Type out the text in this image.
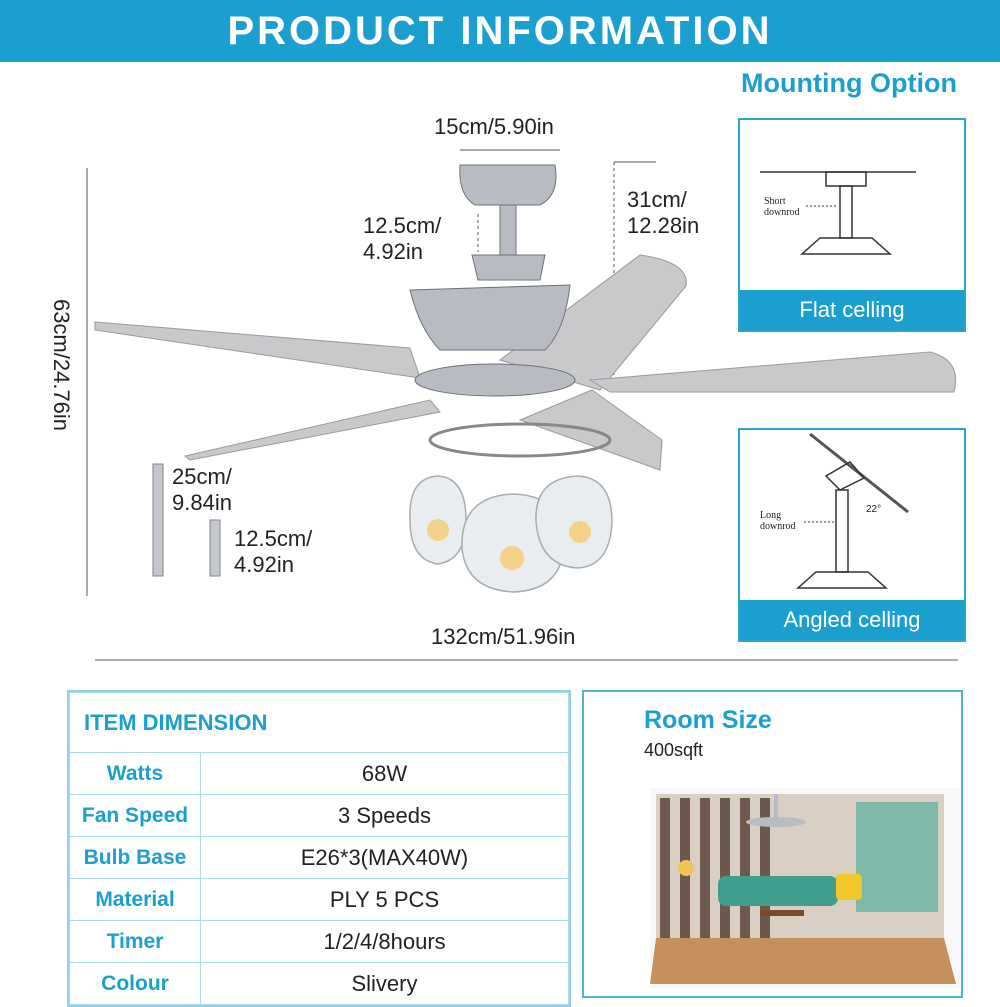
PRODUCT INFORMATION
Mounting Option
Short downrod
Flat celling
Long downrod
22°
Angled celling
15cm/5.90in
12.5cm/
4.92in
31cm/
12.28in
63cm/24.76in
25cm/
9.84in
12.5cm/
4.92in
132cm/51.96in
ITEM DIMENSION	
Watts	68W
Fan Speed	3 Speeds
Bulb Base	E26*3(MAX40W)
Material	PLY 5 PCS
Timer	1/2/4/8hours
Colour	Slivery
Room Size
400sqft
